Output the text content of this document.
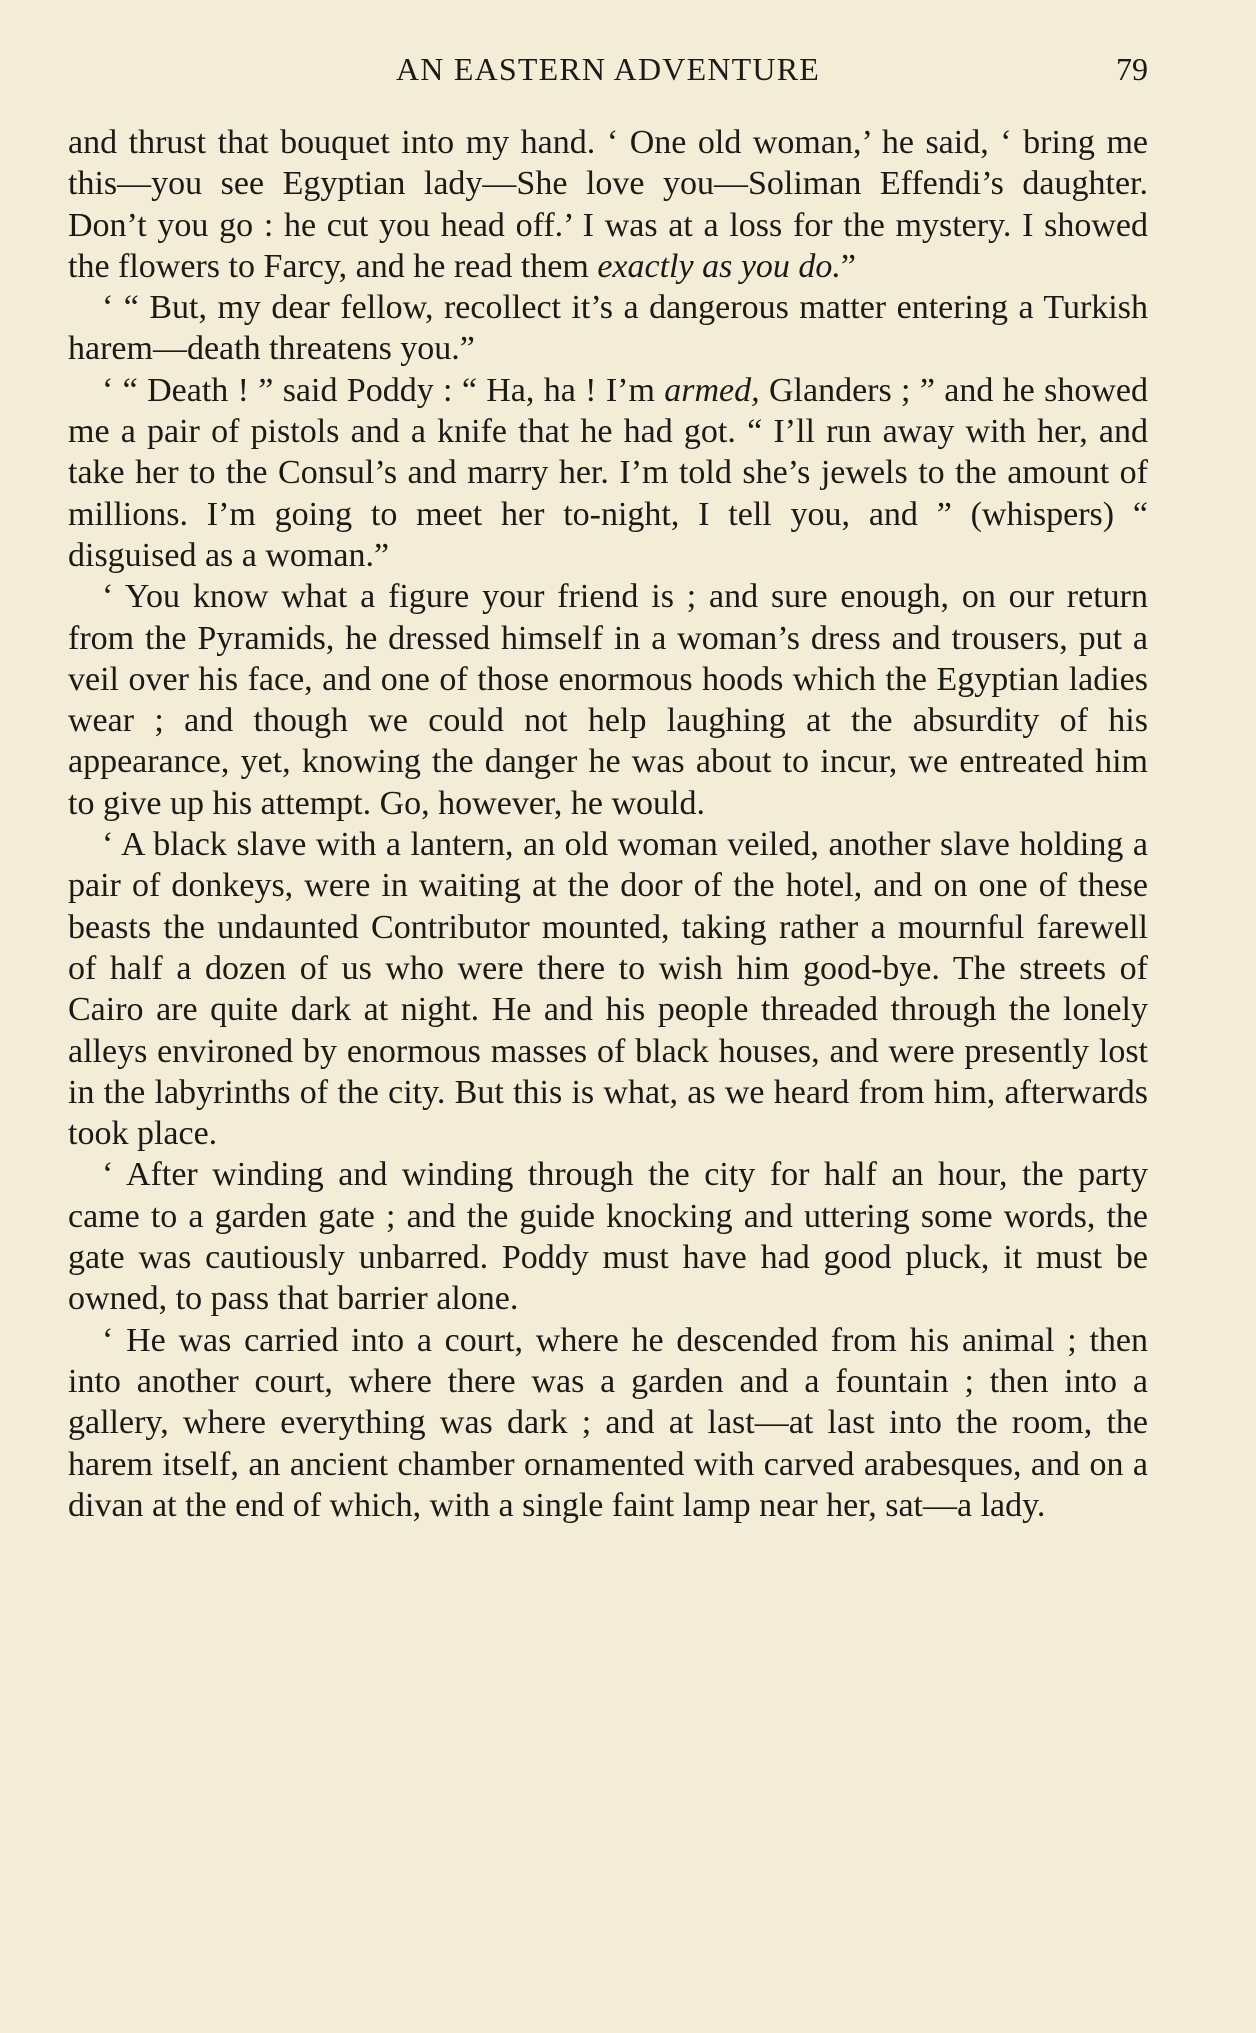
AN EASTERN ADVENTURE	79

and thrust that bouquet into my hand. ‘ One old woman,’ he said, ‘ bring me this—you see Egyptian lady—She love you—Soliman Effendi’s daughter. Don’t you go : he cut you head off.’ I was at a loss for the mystery. I showed the flowers to Farcy, and he read them exactly as you do.”

‘ “ But, my dear fellow, recollect it’s a dangerous matter entering a Turkish harem—death threatens you.”

‘ “ Death ! ” said Poddy : “ Ha, ha ! I’m armed, Glanders ; ” and he showed me a pair of pistols and a knife that he had got. “ I’ll run away with her, and take her to the Consul’s and marry her. I’m told she’s jewels to the amount of millions. I’m going to meet her to-night, I tell you, and ” (whispers) “ disguised as a woman.”

‘ You know what a figure your friend is ; and sure enough, on our return from the Pyramids, he dressed himself in a woman’s dress and trousers, put a veil over his face, and one of those enormous hoods which the Egyptian ladies wear ; and though we could not help laughing at the absurdity of his appearance, yet, knowing the danger he was about to incur, we entreated him to give up his attempt. Go, however, he would.

‘ A black slave with a lantern, an old woman veiled, another slave holding a pair of donkeys, were in waiting at the door of the hotel, and on one of these beasts the undaunted Contributor mounted, taking rather a mournful farewell of half a dozen of us who were there to wish him good-bye. The streets of Cairo are quite dark at night. He and his people threaded through the lonely alleys environed by enormous masses of black houses, and were presently lost in the labyrinths of the city. But this is what, as we heard from him, afterwards took place.

‘ After winding and winding through the city for half an hour, the party came to a garden gate ; and the guide knocking and uttering some words, the gate was cautiously unbarred. Poddy must have had good pluck, it must be owned, to pass that barrier alone.

‘ He was carried into a court, where he descended from his animal ; then into another court, where there was a garden and a fountain ; then into a gallery, where everything was dark ; and at last—at last into the room, the harem itself, an ancient chamber ornamented with carved arabesques, and on a divan at the end of which, with a single faint lamp near her, sat—a lady.
